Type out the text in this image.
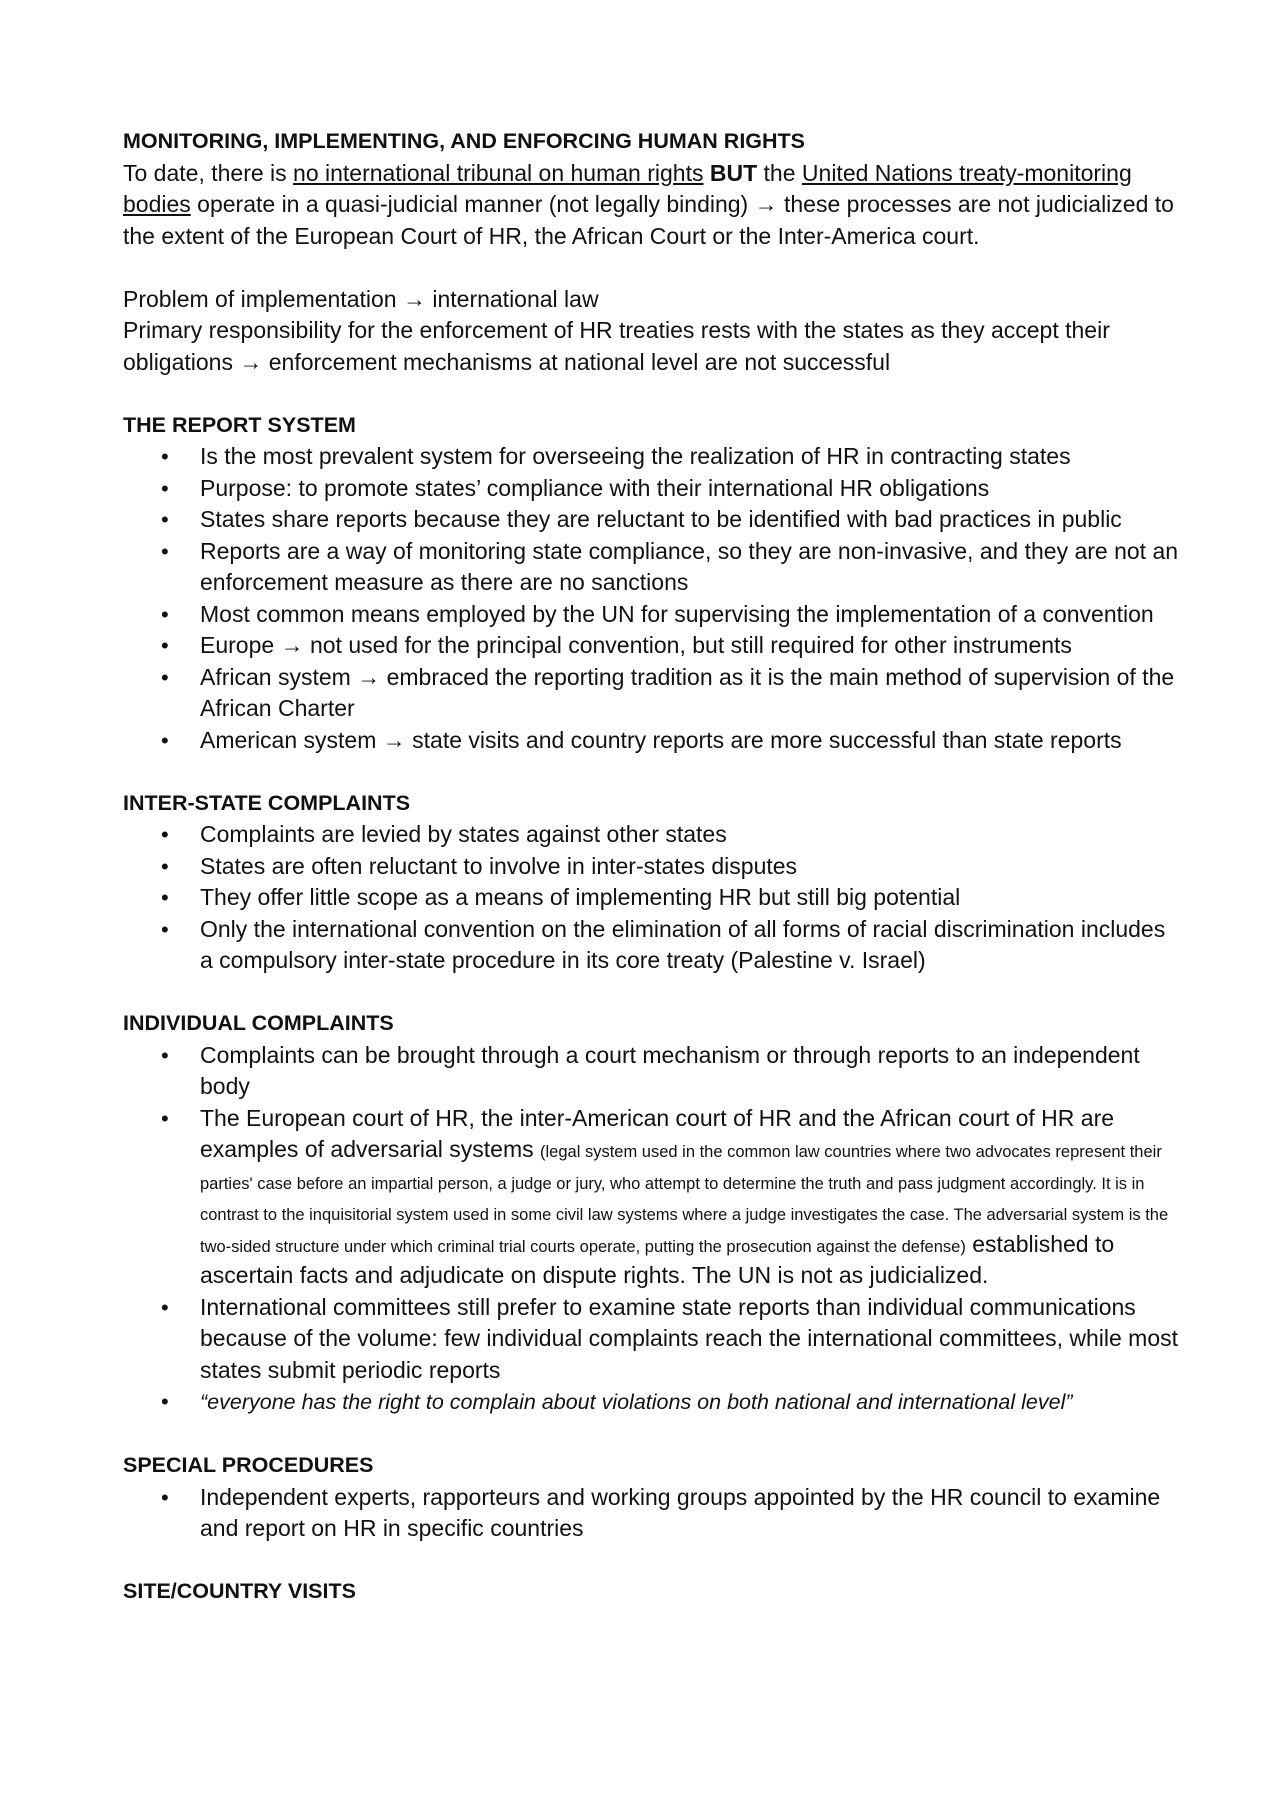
MONITORING, IMPLEMENTING, AND ENFORCING HUMAN RIGHTS

To date, there is no international tribunal on human rights BUT the United Nations treaty-monitoring bodies operate in a quasi-judicial manner (not legally binding) → these processes are not judicialized to the extent of the European Court of HR, the African Court or the Inter-America court.

Problem of implementation → international law

Primary responsibility for the enforcement of HR treaties rests with the states as they accept their obligations → enforcement mechanisms at national level are not successful

THE REPORT SYSTEM

• Is the most prevalent system for overseeing the realization of HR in contracting states
• Purpose: to promote states’ compliance with their international HR obligations
• States share reports because they are reluctant to be identified with bad practices in public
• Reports are a way of monitoring state compliance, so they are non-invasive, and they are not an enforcement measure as there are no sanctions
• Most common means employed by the UN for supervising the implementation of a convention
• Europe → not used for the principal convention, but still required for other instruments
• African system → embraced the reporting tradition as it is the main method of supervision of the African Charter
• American system → state visits and country reports are more successful than state reports

INTER-STATE COMPLAINTS

• Complaints are levied by states against other states
• States are often reluctant to involve in inter-states disputes
• They offer little scope as a means of implementing HR but still big potential
• Only the international convention on the elimination of all forms of racial discrimination includes a compulsory inter-state procedure in its core treaty (Palestine v. Israel)

INDIVIDUAL COMPLAINTS

• Complaints can be brought through a court mechanism or through reports to an independent body
• The European court of HR, the inter-American court of HR and the African court of HR are examples of adversarial systems (legal system used in the common law countries where two advocates represent their parties' case before an impartial person, a judge or jury, who attempt to determine the truth and pass judgment accordingly. It is in contrast to the inquisitorial system used in some civil law systems where a judge investigates the case. The adversarial system is the two-sided structure under which criminal trial courts operate, putting the prosecution against the defense) established to ascertain facts and adjudicate on dispute rights. The UN is not as judicialized.
• International committees still prefer to examine state reports than individual communications because of the volume: few individual complaints reach the international committees, while most states submit periodic reports
• “everyone has the right to complain about violations on both national and international level”

SPECIAL PROCEDURES

• Independent experts, rapporteurs and working groups appointed by the HR council to examine and report on HR in specific countries

SITE/COUNTRY VISITS
